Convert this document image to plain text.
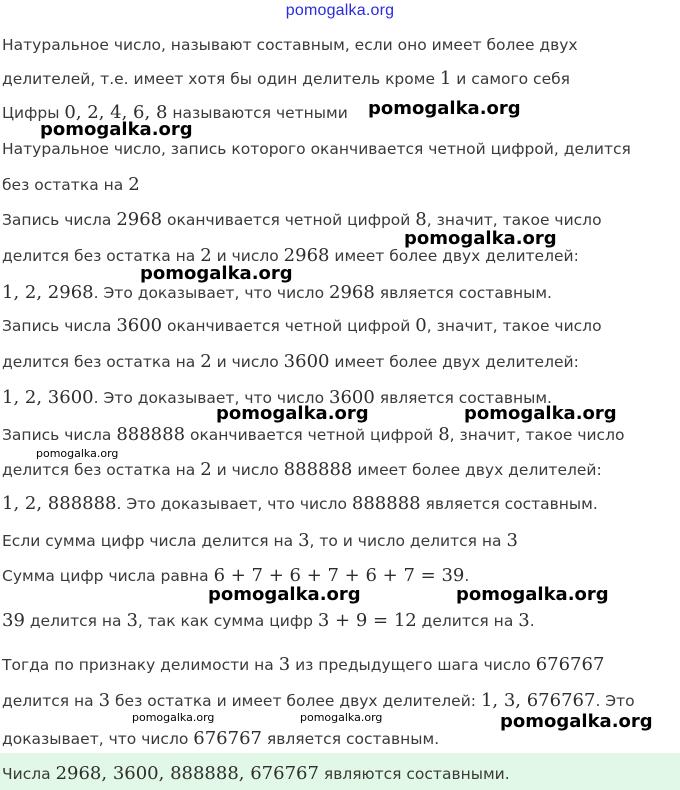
pomogalka.org
Натуральное число, называют составным, если оно имеет более двух
делителей, т.е. имеет хотя бы один делитель кроме 1 и самого себя
Цифры 0, 2, 4, 6, 8 называются четными
Натуральное число, запись которого оканчивается четной цифрой, делится
без остатка на 2
Запись числа 2968 оканчивается четной цифрой 8, значит, такое число
делится без остатка на 2 и число 2968 имеет более двух делителей:
1, 2, 2968. Это доказывает, что число 2968 является составным.
Запись числа 3600 оканчивается четной цифрой 0, значит, такое число
делится без остатка на 2 и число 3600 имеет более двух делителей:
1, 2, 3600. Это доказывает, что число 3600 является составным.
Запись числа 888888 оканчивается четной цифрой 8, значит, такое число
делится без остатка на 2 и число 888888 имеет более двух делителей:
1, 2, 888888. Это доказывает, что число 888888 является составным.
Если сумма цифр числа делится на 3, то и число делится на 3
Сумма цифр числа равна 6 + 7 + 6 + 7 + 6 + 7 = 39.
39 делится на 3, так как сумма цифр 3 + 9 = 12 делится на 3.
Тогда по признаку делимости на 3 из предыдущего шага число 676767
делится на 3 без остатка и имеет более двух делителей: 1, 3, 676767. Это
доказывает, что число 676767 является составным.
Числа 2968, 3600, 888888, 676767 являются составными.
pomogalka.org
pomogalka.org
pomogalka.org
pomogalka.org
pomogalka.org	pomogalka.org
pomogalka.org
pomogalka.org	pomogalka.org
pomogalka.org	pomogalka.org	pomogalka.org
